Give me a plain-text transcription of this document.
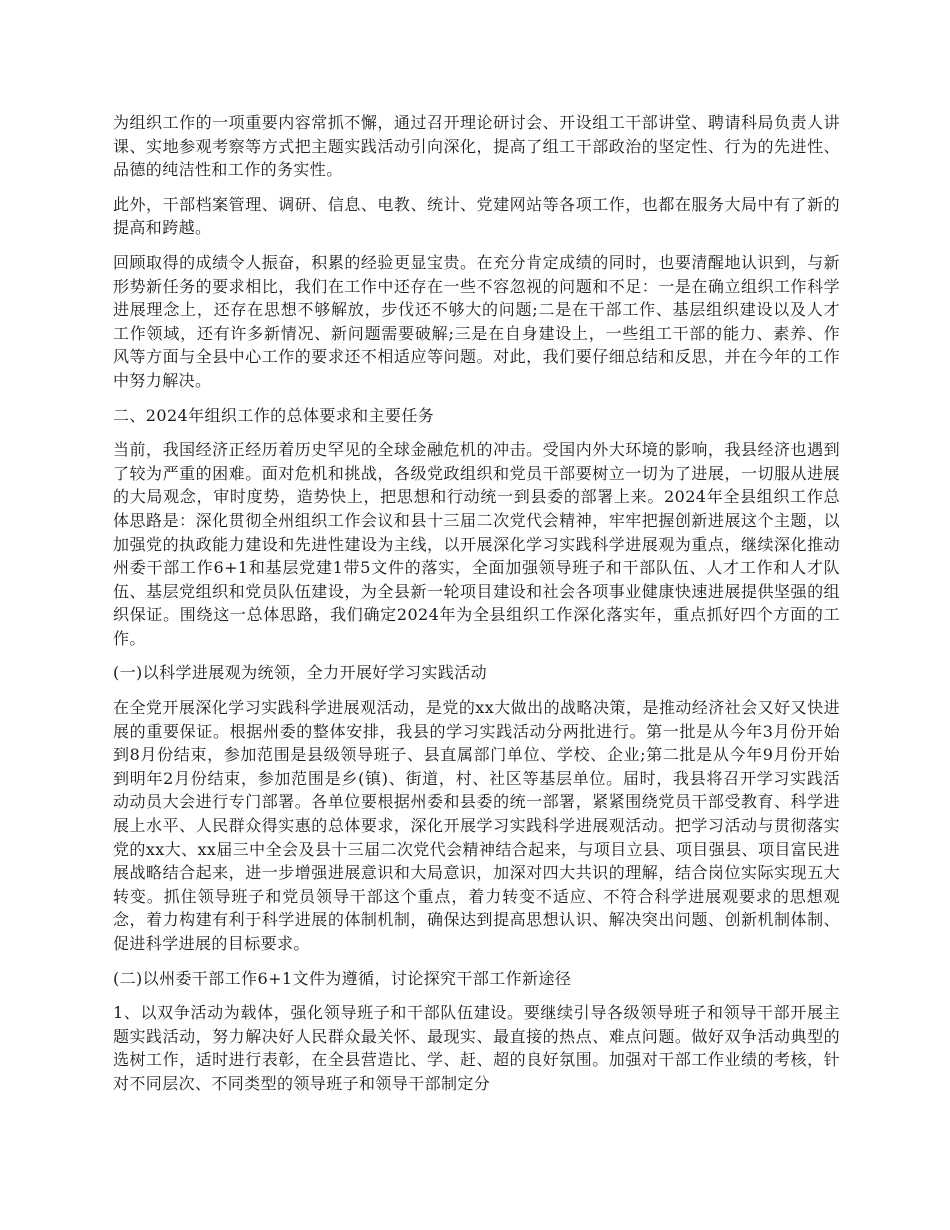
为组织工作的一项重要内容常抓不懈，通过召开理论研讨会、开设组工干部讲堂、聘请科局负责人讲课、实地参观考察等方式把主题实践活动引向深化，提高了组工干部政治的坚定性、行为的先进性、品德的纯洁性和工作的务实性。

此外，干部档案管理、调研、信息、电教、统计、党建网站等各项工作，也都在服务大局中有了新的提高和跨越。

回顾取得的成绩令人振奋，积累的经验更显宝贵。在充分肯定成绩的同时，也要清醒地认识到，与新形势新任务的要求相比，我们在工作中还存在一些不容忽视的问题和不足：一是在确立组织工作科学进展理念上，还存在思想不够解放，步伐还不够大的问题;二是在干部工作、基层组织建设以及人才工作领域，还有许多新情况、新问题需要破解;三是在自身建设上，一些组工干部的能力、素养、作风等方面与全县中心工作的要求还不相适应等问题。对此，我们要仔细总结和反思，并在今年的工作中努力解决。

二、2024年组织工作的总体要求和主要任务

当前，我国经济正经历着历史罕见的全球金融危机的冲击。受国内外大环境的影响，我县经济也遇到了较为严重的困难。面对危机和挑战，各级党政组织和党员干部要树立一切为了进展，一切服从进展的大局观念，审时度势，造势快上，把思想和行动统一到县委的部署上来。2024年全县组织工作总体思路是：深化贯彻全州组织工作会议和县十三届二次党代会精神，牢牢把握创新进展这个主题，以加强党的执政能力建设和先进性建设为主线，以开展深化学习实践科学进展观为重点，继续深化推动州委干部工作6+1和基层党建1带5文件的落实，全面加强领导班子和干部队伍、人才工作和人才队伍、基层党组织和党员队伍建设，为全县新一轮项目建设和社会各项事业健康快速进展提供坚强的组织保证。围绕这一总体思路，我们确定2024年为全县组织工作深化落实年，重点抓好四个方面的工作。

(一)以科学进展观为统领，全力开展好学习实践活动

在全党开展深化学习实践科学进展观活动，是党的xx大做出的战略决策，是推动经济社会又好又快进展的重要保证。根据州委的整体安排，我县的学习实践活动分两批进行。第一批是从今年3月份开始到8月份结束，参加范围是县级领导班子、县直属部门单位、学校、企业;第二批是从今年9月份开始到明年2月份结束，参加范围是乡(镇)、街道，村、社区等基层单位。届时，我县将召开学习实践活动动员大会进行专门部署。各单位要根据州委和县委的统一部署，紧紧围绕党员干部受教育、科学进展上水平、人民群众得实惠的总体要求，深化开展学习实践科学进展观活动。把学习活动与贯彻落实党的xx大、xx届三中全会及县十三届二次党代会精神结合起来，与项目立县、项目强县、项目富民进展战略结合起来，进一步增强进展意识和大局意识，加深对四大共识的理解，结合岗位实际实现五大转变。抓住领导班子和党员领导干部这个重点，着力转变不适应、不符合科学进展观要求的思想观念，着力构建有利于科学进展的体制机制，确保达到提高思想认识、解决突出问题、创新机制体制、促进科学进展的目标要求。

(二)以州委干部工作6+1文件为遵循，讨论探究干部工作新途径

1、以双争活动为载体，强化领导班子和干部队伍建设。要继续引导各级领导班子和领导干部开展主题实践活动，努力解决好人民群众最关怀、最现实、最直接的热点、难点问题。做好双争活动典型的选树工作，适时进行表彰，在全县营造比、学、赶、超的良好氛围。加强对干部工作业绩的考核，针对不同层次、不同类型的领导班子和领导干部制定分
